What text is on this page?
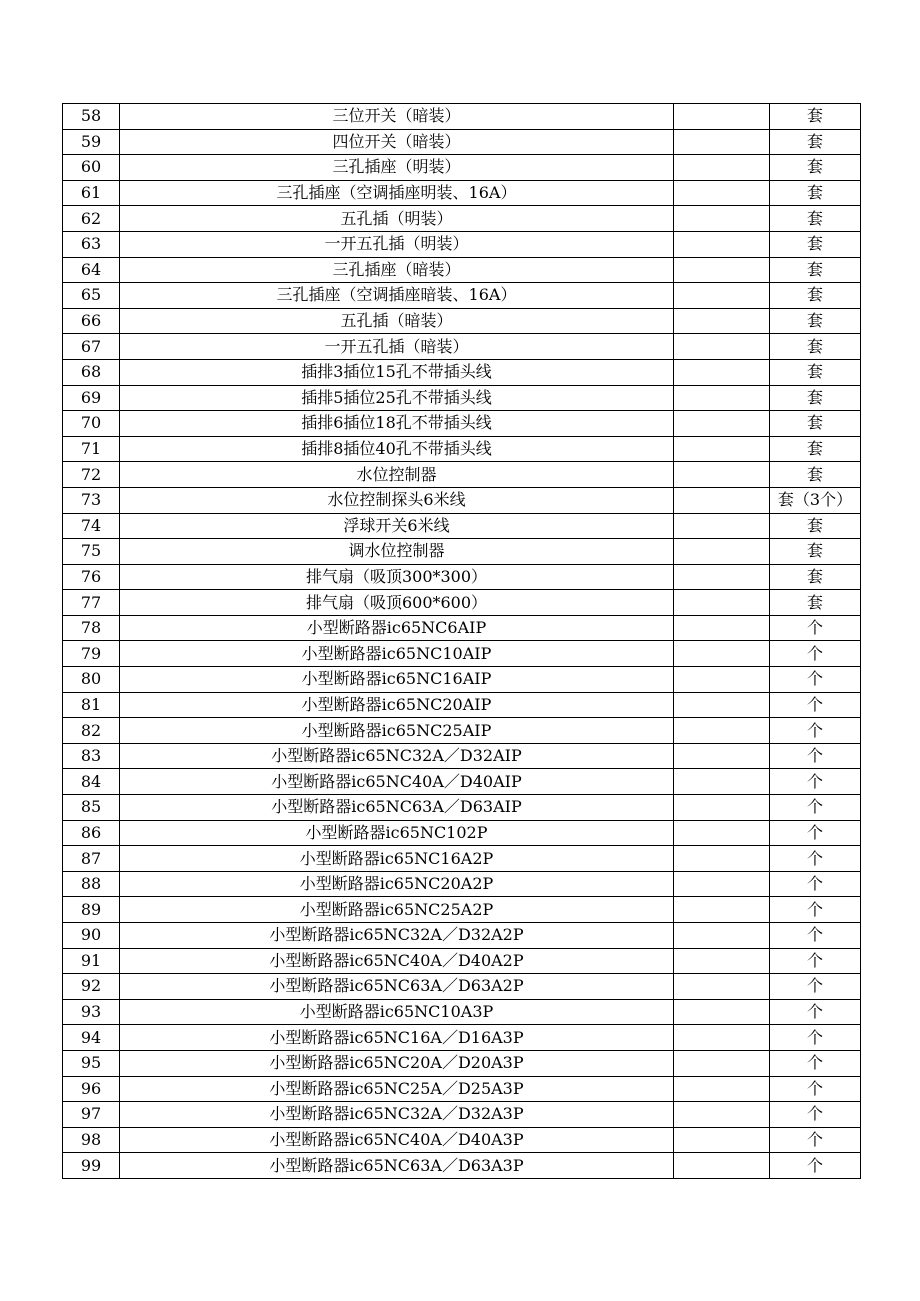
58	三位开关（暗装）		套
59	四位开关（暗装）		套
60	三孔插座（明装）		套
61	三孔插座（空调插座明装、16A）		套
62	五孔插（明装）		套
63	一开五孔插（明装）		套
64	三孔插座（暗装）		套
65	三孔插座（空调插座暗装、16A）		套
66	五孔插（暗装）		套
67	一开五孔插（暗装）		套
68	插排3插位15孔不带插头线		套
69	插排5插位25孔不带插头线		套
70	插排6插位18孔不带插头线		套
71	插排8插位40孔不带插头线		套
72	水位控制器		套
73	水位控制探头6米线		套（3个）
74	浮球开关6米线		套
75	调水位控制器		套
76	排气扇（吸顶300*300）		套
77	排气扇（吸顶600*600）		套
78	小型断路器ic65NC6AIP		个
79	小型断路器ic65NC10AIP		个
80	小型断路器ic65NC16AIP		个
81	小型断路器ic65NC20AIP		个
82	小型断路器ic65NC25AIP		个
83	小型断路器ic65NC32A／D32AIP		个
84	小型断路器ic65NC40A／D40AIP		个
85	小型断路器ic65NC63A／D63AIP		个
86	小型断路器ic65NC102P		个
87	小型断路器ic65NC16A2P		个
88	小型断路器ic65NC20A2P		个
89	小型断路器ic65NC25A2P		个
90	小型断路器ic65NC32A／D32A2P		个
91	小型断路器ic65NC40A／D40A2P		个
92	小型断路器ic65NC63A／D63A2P		个
93	小型断路器ic65NC10A3P		个
94	小型断路器ic65NC16A／D16A3P		个
95	小型断路器ic65NC20A／D20A3P		个
96	小型断路器ic65NC25A／D25A3P		个
97	小型断路器ic65NC32A／D32A3P		个
98	小型断路器ic65NC40A／D40A3P		个
99	小型断路器ic65NC63A／D63A3P		个
